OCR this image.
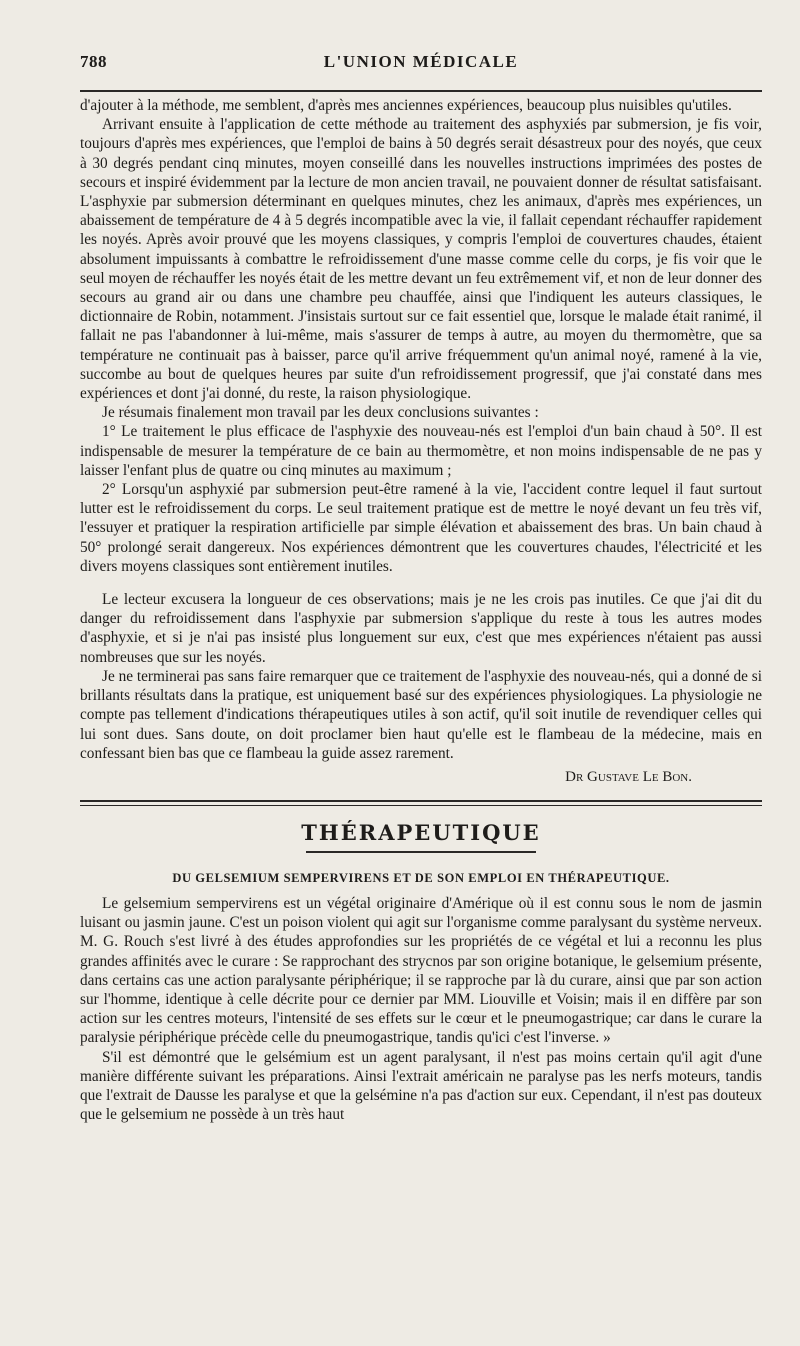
788	L'UNION MÉDICALE

d'ajouter à la méthode, me semblent, d'après mes anciennes expériences, beaucoup plus nuisibles qu'utiles.

Arrivant ensuite à l'application de cette méthode au traitement des asphyxiés par submersion, je fis voir, toujours d'après mes expériences, que l'emploi de bains à 50 degrés serait désastreux pour des noyés, que ceux à 30 degrés pendant cinq minutes, moyen conseillé dans les nouvelles instructions imprimées des postes de secours et inspiré évidemment par la lecture de mon ancien travail, ne pouvaient donner de résultat satisfaisant. L'asphyxie par submersion déterminant en quelques minutes, chez les animaux, d'après mes expériences, un abaissement de température de 4 à 5 degrés incompatible avec la vie, il fallait cependant réchauffer rapidement les noyés. Après avoir prouvé que les moyens classiques, y compris l'emploi de couvertures chaudes, étaient absolument impuissants à combattre le refroidissement d'une masse comme celle du corps, je fis voir que le seul moyen de réchauffer les noyés était de les mettre devant un feu extrêmement vif, et non de leur donner des secours au grand air ou dans une chambre peu chauffée, ainsi que l'indiquent les auteurs classiques, le dictionnaire de Robin, notamment. J'insistais surtout sur ce fait essentiel que, lorsque le malade était ranimé, il fallait ne pas l'abandonner à lui-même, mais s'assurer de temps à autre, au moyen du thermomètre, que sa température ne continuait pas à baisser, parce qu'il arrive fréquemment qu'un animal noyé, ramené à la vie, succombe au bout de quelques heures par suite d'un refroidissement progressif, que j'ai constaté dans mes expériences et dont j'ai donné, du reste, la raison physiologique.

Je résumais finalement mon travail par les deux conclusions suivantes :

1° Le traitement le plus efficace de l'asphyxie des nouveau-nés est l'emploi d'un bain chaud à 50°. Il est indispensable de mesurer la température de ce bain au thermomètre, et non moins indispensable de ne pas y laisser l'enfant plus de quatre ou cinq minutes au maximum ;

2° Lorsqu'un asphyxié par submersion peut-être ramené à la vie, l'accident contre lequel il faut surtout lutter est le refroidissement du corps. Le seul traitement pratique est de mettre le noyé devant un feu très vif, l'essuyer et pratiquer la respiration artificielle par simple élévation et abaissement des bras. Un bain chaud à 50° prolongé serait dangereux. Nos expériences démontrent que les couvertures chaudes, l'électricité et les divers moyens classiques sont entièrement inutiles.

Le lecteur excusera la longueur de ces observations; mais je ne les crois pas inutiles. Ce que j'ai dit du danger du refroidissement dans l'asphyxie par submersion s'applique du reste à tous les autres modes d'asphyxie, et si je n'ai pas insisté plus longuement sur eux, c'est que mes expériences n'étaient pas aussi nombreuses que sur les noyés.

Je ne terminerai pas sans faire remarquer que ce traitement de l'asphyxie des nouveau-nés, qui a donné de si brillants résultats dans la pratique, est uniquement basé sur des expériences physiologiques. La physiologie ne compte pas tellement d'indications thérapeutiques utiles à son actif, qu'il soit inutile de revendiquer celles qui lui sont dues. Sans doute, on doit proclamer bien haut qu'elle est le flambeau de la médecine, mais en confessant bien bas que ce flambeau la guide assez rarement.

Dr Gustave Le Bon.
THÉRAPEUTIQUE
DU GELSEMIUM SEMPERVIRENS ET DE SON EMPLOI EN THÉRAPEUTIQUE.

Le gelsemium sempervirens est un végétal originaire d'Amérique où il est connu sous le nom de jasmin luisant ou jasmin jaune. C'est un poison violent qui agit sur l'organisme comme paralysant du système nerveux. M. G. Rouch s'est livré à des études approfondies sur les propriétés de ce végétal et lui a reconnu les plus grandes affinités avec le curare : Se rapprochant des strycnos par son origine botanique, le gelsemium présente, dans certains cas une action paralysante périphérique; il se rapproche par là du curare, ainsi que par son action sur l'homme, identique à celle décrite pour ce dernier par MM. Liouville et Voisin; mais il en diffère par son action sur les centres moteurs, l'intensité de ses effets sur le cœur et le pneumogastrique; car dans le curare la paralysie périphérique précède celle du pneumogastrique, tandis qu'ici c'est l'inverse. »

S'il est démontré que le gelsémium est un agent paralysant, il n'est pas moins certain qu'il agit d'une manière différente suivant les préparations. Ainsi l'extrait américain ne paralyse pas les nerfs moteurs, tandis que l'extrait de Dausse les paralyse et que la gelsémine n'a pas d'action sur eux. Cependant, il n'est pas douteux que le gelsemium ne possède à un très haut
